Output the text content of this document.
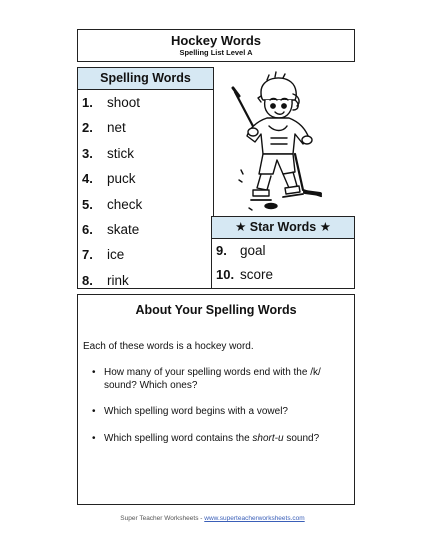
Hockey Words
Spelling List Level A
Spelling Words
1. shoot
2. net
3. stick
4. puck
5. check
6. skate
7. ice
8. rink
★ Star Words ★
9. goal
10. score
About Your Spelling Words
Each of these words is a hockey word.
• How many of your spelling words end with the /k/ sound? Which ones?
• Which spelling word begins with a vowel?
• Which spelling word contains the short-u sound?
Super Teacher Worksheets - www.superteacherworksheets.com
